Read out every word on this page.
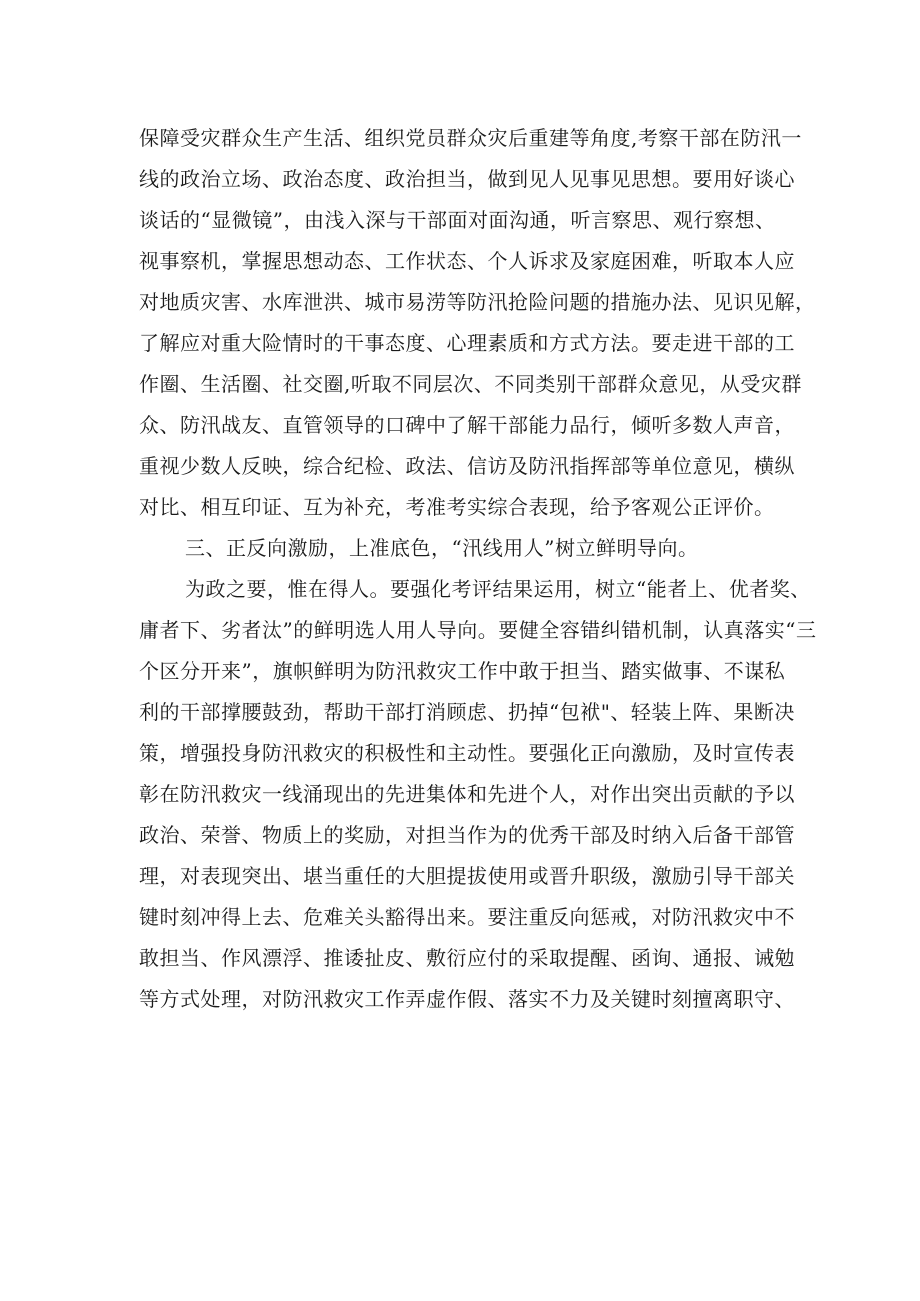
保障受灾群众生产生活、组织党员群众灾后重建等角度,考察干部在防汛一
线的政治立场、政治态度、政治担当，做到见人见事见思想。要用好谈心
谈话的“显微镜”，由浅入深与干部面对面沟通，听言察思、观行察想、
视事察机，掌握思想动态、工作状态、个人诉求及家庭困难，听取本人应
对地质灾害、水库泄洪、城市易涝等防汛抢险问题的措施办法、见识见解，
了解应对重大险情时的干事态度、心理素质和方式方法。要走进干部的工
作圈、生活圈、社交圈,听取不同层次、不同类别干部群众意见，从受灾群
众、防汛战友、直管领导的口碑中了解干部能力品行，倾听多数人声音，
重视少数人反映，综合纪检、政法、信访及防汛指挥部等单位意见，横纵
对比、相互印证、互为补充，考准考实综合表现，给予客观公正评价。
三、正反向激励，上准底色，“汛线用人”树立鲜明导向。
为政之要，惟在得人。要强化考评结果运用，树立“能者上、优者奖、
庸者下、劣者汰”的鲜明选人用人导向。要健全容错纠错机制，认真落实“三
个区分开来”，旗帜鲜明为防汛救灾工作中敢于担当、踏实做事、不谋私
利的干部撑腰鼓劲，帮助干部打消顾虑、扔掉“包袱"、轻装上阵、果断决
策，增强投身防汛救灾的积极性和主动性。要强化正向激励，及时宣传表
彰在防汛救灾一线涌现出的先进集体和先进个人，对作出突出贡献的予以
政治、荣誉、物质上的奖励，对担当作为的优秀干部及时纳入后备干部管
理，对表现突出、堪当重任的大胆提拔使用或晋升职级，激励引导干部关
键时刻冲得上去、危难关头豁得出来。要注重反向惩戒，对防汛救灾中不
敢担当、作风漂浮、推诿扯皮、敷衍应付的采取提醒、函询、通报、诫勉
等方式处理，对防汛救灾工作弄虚作假、落实不力及关键时刻擅离职守、
